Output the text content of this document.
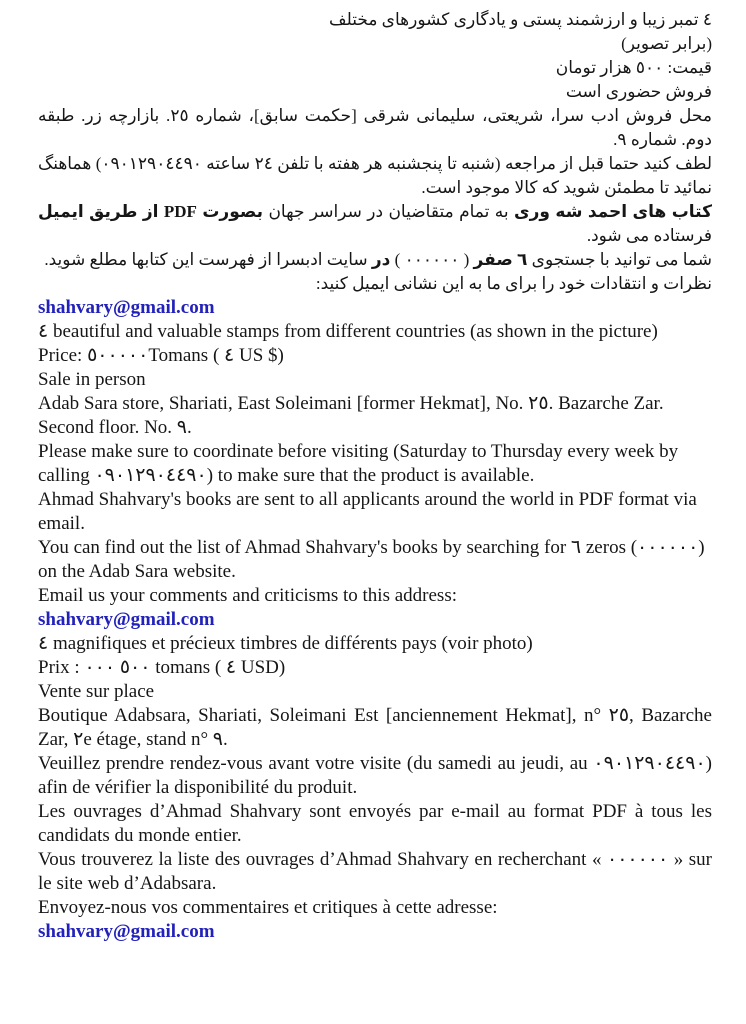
٤ تمبر زیبا و ارزشمند پستی و یادگاری کشورهای مختلف

(برابر تصویر)

قیمت: ٥٠٠ هزار تومان

فروش حضوری است

محل فروش ادب سرا، شریعتی، سلیمانی شرقی [حکمت سابق]، شماره ٢٥. بازارچه زر. طبقه دوم. شماره ٩.

لطف کنید حتما قبل از مراجعه (شنبه تا پنجشنبه هر هفته با تلفن ٢٤ ساعته ٠٩٠١٢٩٠٤٤٩٠) هماهنگ نمائید تا مطمئن شوید که کالا موجود است.

کتاب های احمد شه وری به تمام متقاضیان در سراسر جهان بصورت PDF از طریق ایمیل فرستاده می شود.

شما می توانید با جستجوی ٦ صفر ( ٠٠٠٠٠٠ ) در سایت ادبسرا از فهرست این کتابها مطلع شوید.

نظرات و انتقادات خود را برای ما به این نشانی ایمیل کنید:

shahvary@gmail.com

٤ beautiful and valuable stamps from different countries (as shown in the picture)

Price: ٥٠٠٠٠٠Tomans ( ٤ US $)

Sale in person

Adab Sara store, Shariati, East Soleimani [former Hekmat], No. ٢٥. Bazarche Zar. Second floor. No. ٩.

Please make sure to coordinate before visiting (Saturday to Thursday every week by calling ٠٩٠١٢٩٠٤٤٩٠) to make sure that the product is available.

Ahmad Shahvary's books are sent to all applicants around the world in PDF format via email.

You can find out the list of Ahmad Shahvary's books by searching for ٦ zeros (٠٠٠٠٠٠) on the Adab Sara website.

Email us your comments and criticisms to this address:

shahvary@gmail.com

٤ magnifiques et précieux timbres de différents pays (voir photo)

Prix : ٥٠٠ ٠٠٠ tomans ( ٤ USD)

Vente sur place

Boutique Adabsara, Shariati, Soleimani Est [anciennement Hekmat], n° ٢٥, Bazarche Zar, ٢e étage, stand n° ٩.

Veuillez prendre rendez-vous avant votre visite (du samedi au jeudi, au ٠٩٠١٢٩٠٤٤٩٠) afin de vérifier la disponibilité du produit.

Les ouvrages d’Ahmad Shahvary sont envoyés par e-mail au format PDF à tous les candidats du monde entier.

Vous trouverez la liste des ouvrages d’Ahmad Shahvary en recherchant « ٠٠٠٠٠٠ » sur le site web d’Adabsara.

Envoyez-nous vos commentaires et critiques à cette adresse:

shahvary@gmail.com
